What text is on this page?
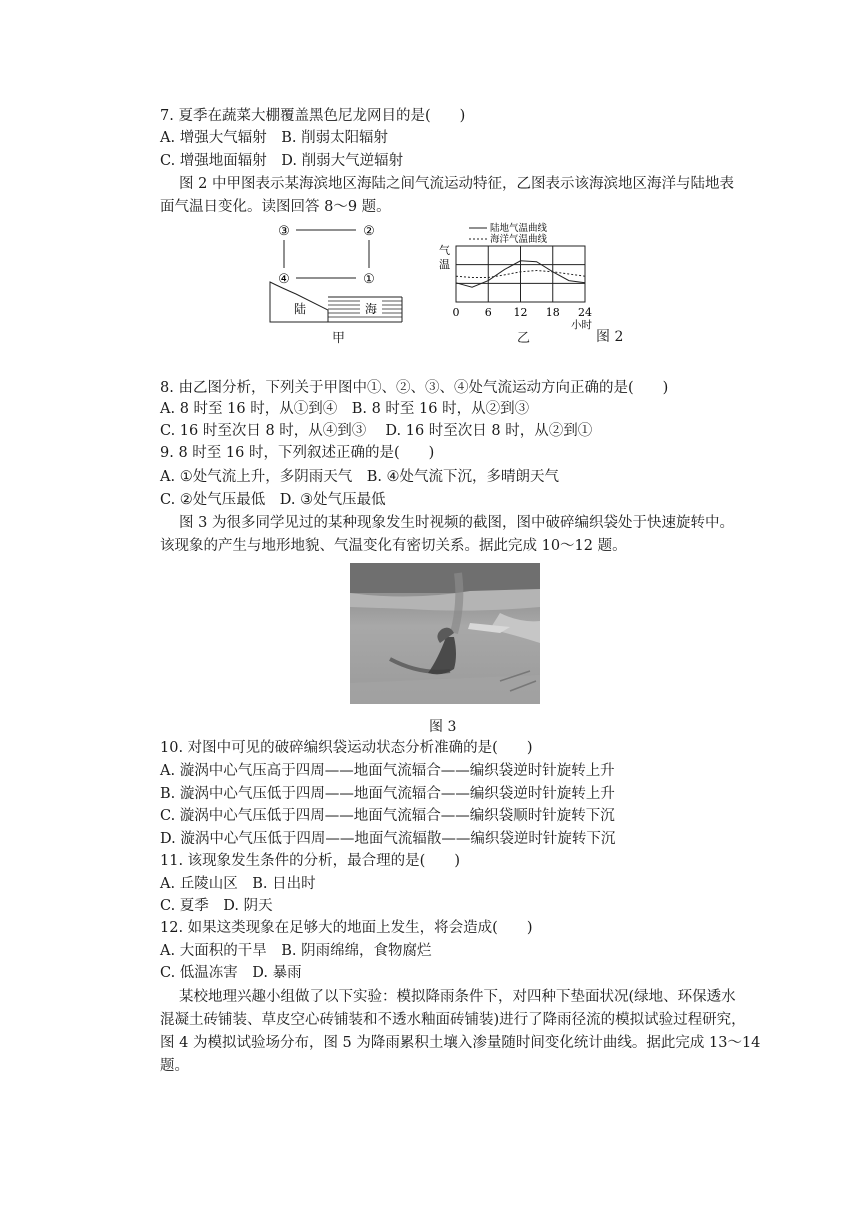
7. 夏季在蔬菜大棚覆盖黑色尼龙网目的是(　　)
A. 增强大气辐射　B. 削弱太阳辐射
C. 增强地面辐射　D. 削弱大气逆辐射
图 2 中甲图表示某海滨地区海陆之间气流运动特征，乙图表示该海滨地区海洋与陆地表
面气温日变化。读图回答 8～9 题。
③	②
④	①
陆	海
甲
陆地气温曲线
海洋气温曲线
气
温
0 6 12 18 24
小时
乙	图 2
8. 由乙图分析，下列关于甲图中①、②、③、④处气流运动方向正确的是(　　)
A. 8 时至 16 时，从①到④　B. 8 时至 16 时，从②到③
C. 16 时至次日 8 时，从④到③　 D. 16 时至次日 8 时，从②到①
9. 8 时至 16 时，下列叙述正确的是(　　)
A. ①处气流上升，多阴雨天气　B. ④处气流下沉，多晴朗天气
C. ②处气压最低　D. ③处气压最低
图 3 为很多同学见过的某种现象发生时视频的截图，图中破碎编织袋处于快速旋转中。
该现象的产生与地形地貌、气温变化有密切关系。据此完成 10～12 题。
图 3
10. 对图中可见的破碎编织袋运动状态分析准确的是(　　)
A. 漩涡中心气压高于四周——地面气流辐合——编织袋逆时针旋转上升
B. 漩涡中心气压低于四周——地面气流辐合——编织袋逆时针旋转上升
C. 漩涡中心气压低于四周——地面气流辐合——编织袋顺时针旋转下沉
D. 漩涡中心气压低于四周——地面气流辐散——编织袋逆时针旋转下沉
11. 该现象发生条件的分析，最合理的是(　　)
A. 丘陵山区　B. 日出时
C. 夏季　D. 阴天
12. 如果这类现象在足够大的地面上发生，将会造成(　　)
A. 大面积的干旱　B. 阴雨绵绵，食物腐烂
C. 低温冻害　D. 暴雨
某校地理兴趣小组做了以下实验：模拟降雨条件下，对四种下垫面状况(绿地、环保透水
混凝土砖铺装、草皮空心砖铺装和不透水釉面砖铺装)进行了降雨径流的模拟试验过程研究，
图 4 为模拟试验场分布，图 5 为降雨累积土壤入渗量随时间变化统计曲线。据此完成 13～14
题。
